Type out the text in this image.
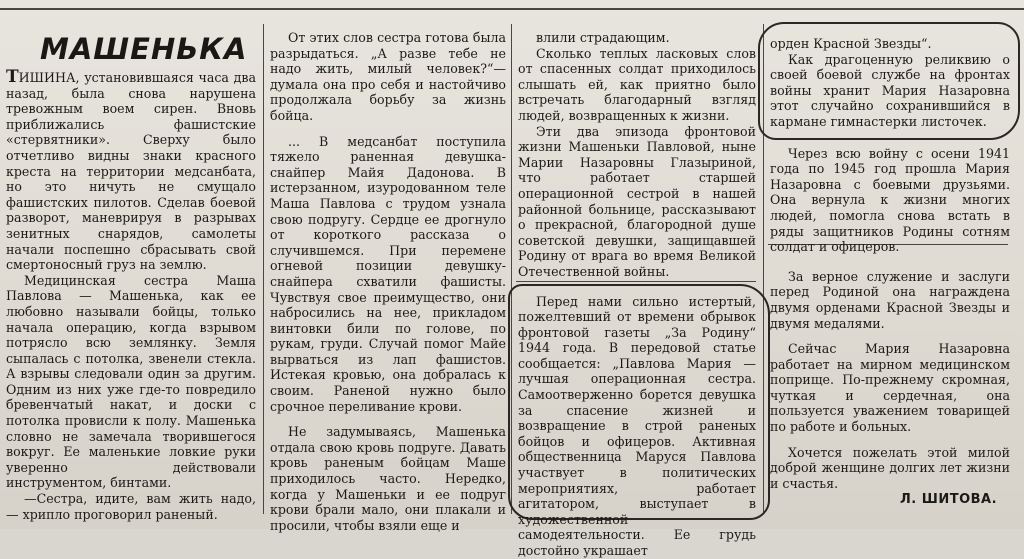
МАШЕНЬКА

ТИШИНА, установившаяся часа два назад, была снова нарушена тревожным воем сирен. Вновь приближались фашистские «стервятники». Сверху было отчетливо видны знаки красного креста на территории медсанбата, но это ничуть не смущало фашистских пилотов. Сделав боевой разворот, маневрируя в разрывах зенитных снарядов, самолеты начали поспешно сбрасывать свой смертоносный груз на землю.

Медицинская сестра Маша Павлова — Машенька, как ее любовно называли бойцы, только начала операцию, когда взрывом потрясло всю землянку. Земля сыпалась с потолка, звенели стекла. А взрывы следовали один за другим. Одним из них уже где-то повредило бревенчатый накат, и доски с потолка провисли к полу. Машенька словно не замечала творившегося вокруг. Ее маленькие ловкие руки уверенно действовали инструментом, бинтами.

—Сестра, идите, вам жить надо, — хрипло проговорил раненый.

От этих слов сестра готова была разрыдаться. „А разве тебе не надо жить, милый человек?“— думала она про себя и настойчиво продолжала борьбу за жизнь бойца.

... В медсанбат поступила тяжело раненная девушка-снайпер Майя Дадонова. В истерзанном, изуродованном теле Маша Павлова с трудом узнала свою подругу. Сердце ее дрогнуло от короткого рассказа о случившемся. При перемене огневой позиции девушку-снайпера схватили фашисты. Чувствуя свое преимущество, они набросились на нее, прикладом винтовки били по голове, по рукам, груди. Случай помог Майе вырваться из лап фашистов. Истекая кровью, она добралась к своим. Раненой нужно было срочное переливание крови.

Не задумываясь, Машенька отдала свою кровь подруге. Давать кровь раненым бойцам Маше приходилось часто. Нередко, когда у Машеньки и ее подруг крови брали мало, они плакали и просили, чтобы взяли еще и

влили страдающим.

Сколько теплых ласковых слов от спасенных солдат приходилось слышать ей, как приятно было встречать благодарный взгляд людей, возвращенных к жизни.

Эти два эпизода фронтовой жизни Машеньки Павловой, ныне Марии Назаровны Глазыриной, что работает старшей операционной сестрой в нашей районной больнице, рассказывают о прекрасной, благородной душе советской девушки, защищавшей Родину от врага во время Великой Отечественной войны.

Перед нами сильно истертый, пожелтевший от времени обрывок фронтовой газеты „За Родину“ 1944 года. В передовой статье сообщается: „Павлова Мария — лучшая операционная сестра. Самоотверженно борется девушка за спасение жизней и возвращение в строй раненых бойцов и офицеров. Активная общественница Маруся Павлова участвует в политических мероприятиях, работает агитатором, выступает в художественной самодеятельности. Ее грудь достойно украшает

орден Красной Звезды“.

Как драгоценную реликвию о своей боевой службе на фронтах войны хранит Мария Назаровна этот случайно сохранившийся в кармане гимнастерки листочек.

Через всю войну с осени 1941 года по 1945 год прошла Мария Назаровна с боевыми друзьями. Она вернула к жизни многих людей, помогла снова встать в ряды защитников Родины сотням солдат и офицеров.

За верное служение и заслуги перед Родиной она награждена двумя орденами Красной Звезды и двумя медалями.

Сейчас Мария Назаровна работает на мирном медицинском поприще. По-прежнему скромная, чуткая и сердечная, она пользуется уважением товарищей по работе и больных.

Хочется пожелать этой милой доброй женщине долгих лет жизни и счастья.

Л. ШИТОВА.
